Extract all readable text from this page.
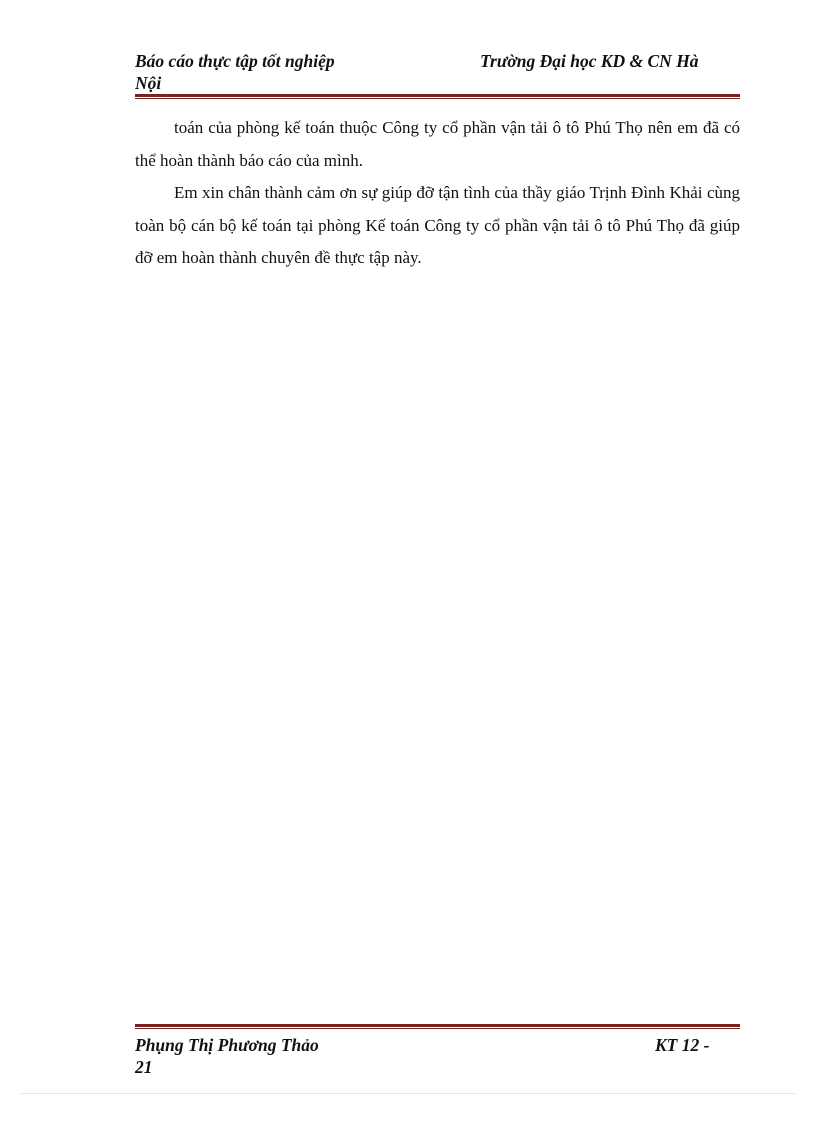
Báo cáo thực tập tốt nghiệp	Trường Đại học KD & CN Hà
Nội

toán của phòng kế toán thuộc Công ty cổ phần vận tải ô tô Phú Thọ nên em đã có thể hoàn thành báo cáo của mình.

Em xin chân thành cảm ơn sự giúp đỡ tận tình của thầy giáo Trịnh Đình Khải cùng toàn bộ cán bộ kế toán tại phòng Kế toán Công ty cổ phần vận tải ô tô Phú Thọ đã giúp đỡ em hoàn thành chuyên đề thực tập này.

Phụng Thị Phương Thảo	KT 12 -
21
